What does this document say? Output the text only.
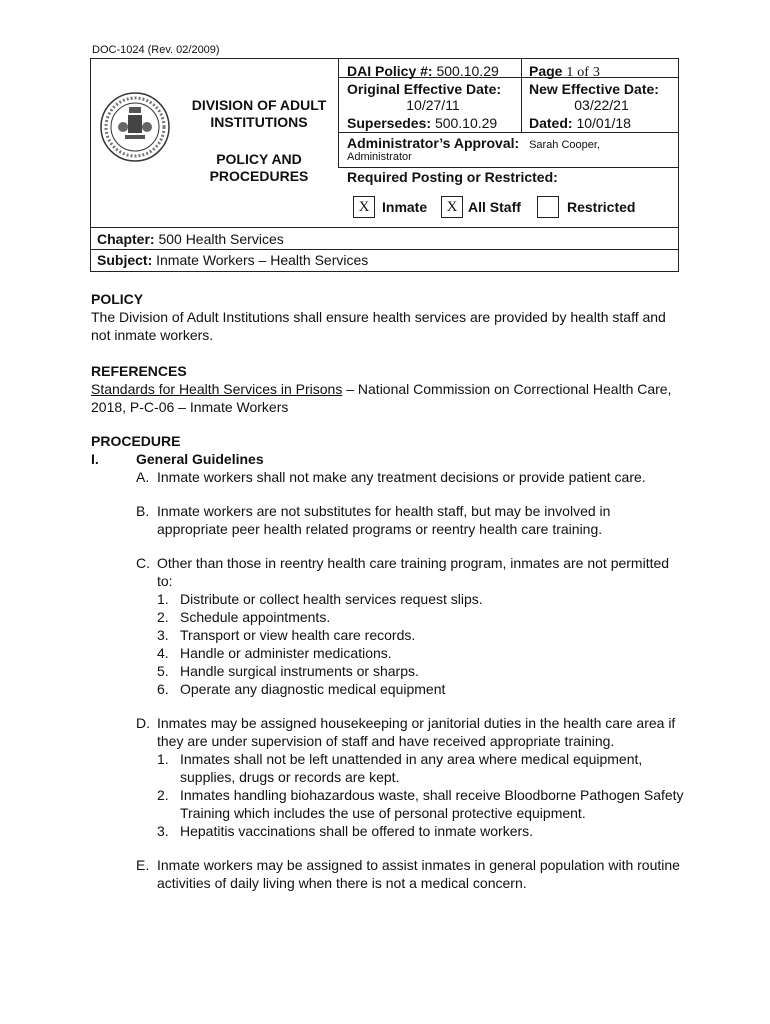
DOC-1024 (Rev. 02/2009)
DIVISION OF ADULT INSTITUTIONS
POLICY AND PROCEDURES
DAI Policy #: 500.10.29 Page 1 of 3
Original Effective Date:
10/27/11
New Effective Date:
03/22/21
Supersedes: 500.10.29 Dated: 10/01/18
Administrator’s Approval: Sarah Cooper,
Administrator
Required Posting or Restricted:
X Inmate	X All Staff	Restricted
Chapter: 500 Health Services
Subject: Inmate Workers – Health Services
POLICY
The Division of Adult Institutions shall ensure health services are provided by health staff and not inmate workers.
REFERENCES
Standards for Health Services in Prisons – National Commission on Correctional Health Care, 2018, P-C-06 – Inmate Workers
PROCEDURE
I.	General Guidelines
A. Inmate workers shall not make any treatment decisions or provide patient care.
B. Inmate workers are not substitutes for health staff, but may be involved in appropriate peer health related programs or reentry health care training.
C. Other than those in reentry health care training program, inmates are not permitted to:
1. Distribute or collect health services request slips.
2. Schedule appointments.
3. Transport or view health care records.
4. Handle or administer medications.
5. Handle surgical instruments or sharps.
6. Operate any diagnostic medical equipment
D. Inmates may be assigned housekeeping or janitorial duties in the health care area if they are under supervision of staff and have received appropriate training.
1. Inmates shall not be left unattended in any area where medical equipment, supplies, drugs or records are kept.
2. Inmates handling biohazardous waste, shall receive Bloodborne Pathogen Safety Training which includes the use of personal protective equipment.
3. Hepatitis vaccinations shall be offered to inmate workers.
E. Inmate workers may be assigned to assist inmates in general population with routine activities of daily living when there is not a medical concern.
